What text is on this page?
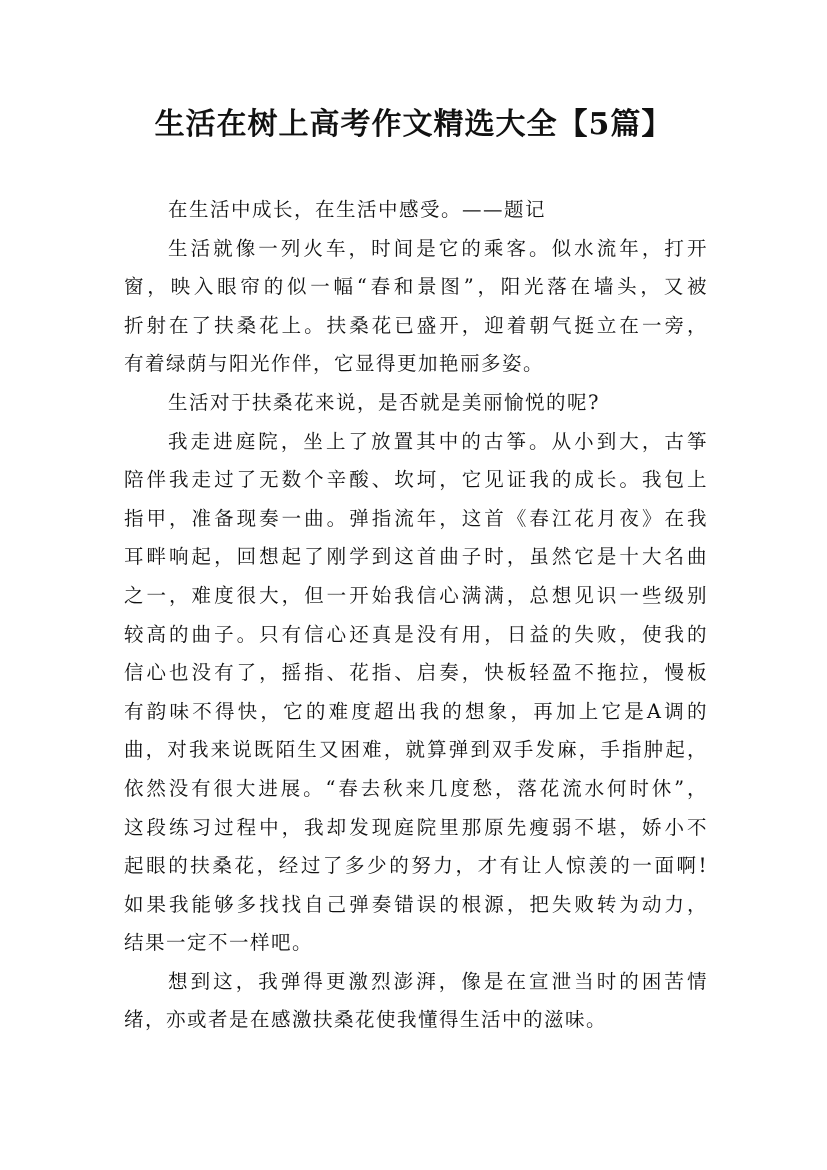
生活在树上高考作文精选大全【5篇】
在生活中成长，在生活中感受。——题记
生活就像一列火车，时间是它的乘客。似水流年，打开
窗，映入眼帘的似一幅“春和景图”，阳光落在墙头，又被
折射在了扶桑花上。扶桑花已盛开，迎着朝气挺立在一旁，
有着绿荫与阳光作伴，它显得更加艳丽多姿。
生活对于扶桑花来说，是否就是美丽愉悦的呢?
我走进庭院，坐上了放置其中的古筝。从小到大，古筝
陪伴我走过了无数个辛酸、坎坷，它见证我的成长。我包上
指甲，准备现奏一曲。弹指流年，这首《春江花月夜》在我
耳畔响起，回想起了刚学到这首曲子时，虽然它是十大名曲
之一，难度很大，但一开始我信心满满，总想见识一些级别
较高的曲子。只有信心还真是没有用，日益的失败，使我的
信心也没有了，摇指、花指、启奏，快板轻盈不拖拉，慢板
有韵味不得快，它的难度超出我的想象，再加上它是A调的
曲，对我来说既陌生又困难，就算弹到双手发麻，手指肿起，
依然没有很大进展。“春去秋来几度愁，落花流水何时休”，
这段练习过程中，我却发现庭院里那原先瘦弱不堪，娇小不
起眼的扶桑花，经过了多少的努力，才有让人惊羡的一面啊!
如果我能够多找找自己弹奏错误的根源，把失败转为动力，
结果一定不一样吧。
想到这，我弹得更激烈澎湃，像是在宣泄当时的困苦情
绪，亦或者是在感激扶桑花使我懂得生活中的滋味。
